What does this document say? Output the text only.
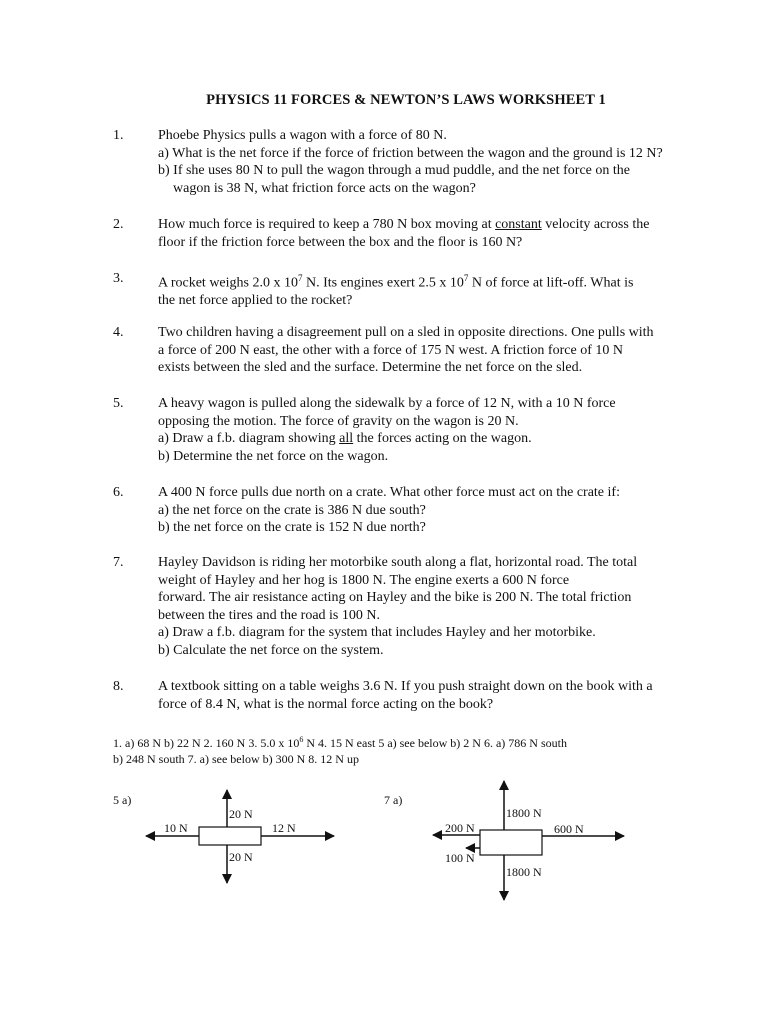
PHYSICS 11 FORCES & NEWTON’S LAWS WORKSHEET 1
1. Phoebe Physics pulls a wagon with a force of 80 N.
a) What is the net force if the force of friction between the wagon and the ground is 12 N?
b) If she uses 80 N to pull the wagon through a mud puddle, and the net force on the
wagon is 38 N, what friction force acts on the wagon?
2. How much force is required to keep a 780 N box moving at constant velocity across the
floor if the friction force between the box and the floor is 160 N?
3. A rocket weighs 2.0 x $10^7$ N. Its engines exert 2.5 x $10^7$ N of force at lift-off. What is
the net force applied to the rocket?
4. Two children having a disagreement pull on a sled in opposite directions. One pulls with
a force of 200 N east, the other with a force of 175 N west. A friction force of 10 N
exists between the sled and the surface. Determine the net force on the sled.
5. A heavy wagon is pulled along the sidewalk by a force of 12 N, with a 10 N force
opposing the motion. The force of gravity on the wagon is 20 N.
a) Draw a f.b. diagram showing all the forces acting on the wagon.
b) Determine the net force on the wagon.
6. A 400 N force pulls due north on a crate. What other force must act on the crate if:
a) the net force on the crate is 386 N due south?
b) the net force on the crate is 152 N due north?
7. Hayley Davidson is riding her motorbike south along a flat, horizontal road. The total
weight of Hayley and her hog is 1800 N. The engine exerts a 600 N force
forward. The air resistance acting on Hayley and the bike is 200 N. The total friction
between the tires and the road is 100 N.
a) Draw a f.b. diagram for the system that includes Hayley and her motorbike.
b) Calculate the net force on the system.
8. A textbook sitting on a table weighs 3.6 N. If you push straight down on the book with a
force of 8.4 N, what is the normal force acting on the book?
1. a) 68 N b) 22 N 2. 160 N 3. 5.0 x $10^6$ N 4. 15 N east 5 a) see below b) 2 N 6. a) 786 N south
b) 248 N south 7. a) see below b) 300 N 8. 12 N up
5 a)
20 N
20 N
10 N	12 N
7 a)
1800 N
1800 N
200 N
100 N
600 N
